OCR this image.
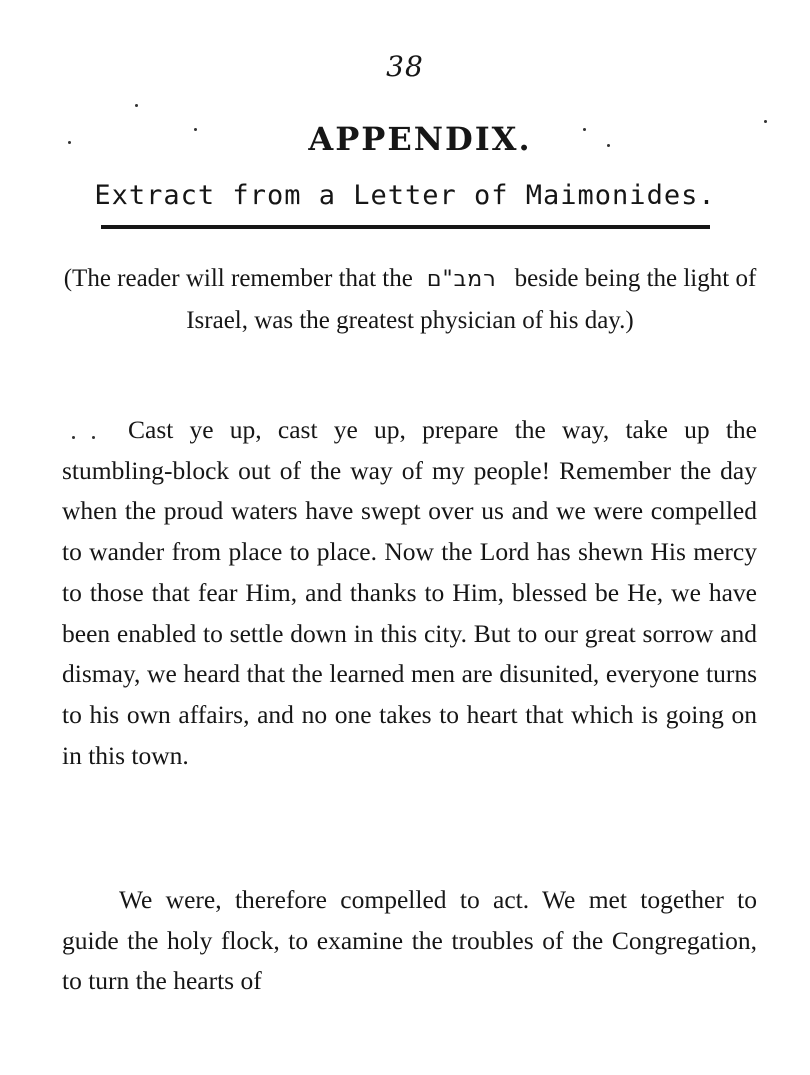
38
APPENDIX.
Extract from a Letter of Maimonides.
(The reader will remember that the רמב"ם beside being the light of Israel, was the greatest physician of his day.)

Cast ye up, cast ye up, prepare the way, take up the stumbling-block out of the way of my people! Remember the day when the proud waters have swept over us and we were compelled to wander from place to place. Now the Lord has shewn His mercy to those that fear Him, and thanks to Him, blessed be He, we have been enabled to settle down in this city. But to our great sorrow and dismay, we heard that the learned men are disunited, everyone turns to his own affairs, and no one takes to heart that which is going on in this town.

We were, therefore compelled to act. We met together to guide the holy flock, to examine the troubles of the Congregation, to turn the hearts of
